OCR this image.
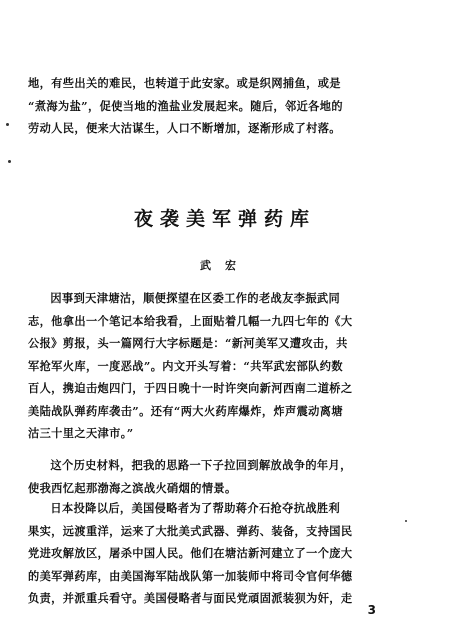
地，有些出关的难民，也转道于此安家。或是织网捕鱼，或是

“煮海为盐”，促使当地的渔盐业发展起来。随后，邻近各地的

劳动人民，便来大沽谋生，人口不断增加，逐渐形成了村落。

夜袭美军弹药库
武宏

因事到天津塘沽，顺便探望在区委工作的老战友李振武同

志，他拿出一个笔记本给我看，上面贴着几幅一九四七年的《大

公报》剪报，头一篇网行大字标题是：“新河美军又遭攻击，共

军抢军火库，一度恶战”。内文开头写着：“共军武宏部队约数

百人，携迫击炮四门，于四日晚十一时许突向新河西南二道桥之

美陆战队弹药库袭击”。还有“两大火药库爆炸，炸声震动离塘

沽三十里之天津市。”

这个历史材料，把我的思路一下子拉回到解放战争的年月，

使我西忆起那渤海之滨战火硝烟的情景。

日本投降以后，美国侵略者为了帮助蒋介石抢夺抗战胜利

果实，远渡重洋，运来了大批美式武器、弹药、装备，支持国民

党进攻解放区，屠杀中国人民。他们在塘沽新河建立了一个庞大

的美军弹药库，由美国海军陆战队第一加装师中将司令官何华德

负责，并派重兵看守。美国侵略者与面民党頑固派装狈为奸，走

3
